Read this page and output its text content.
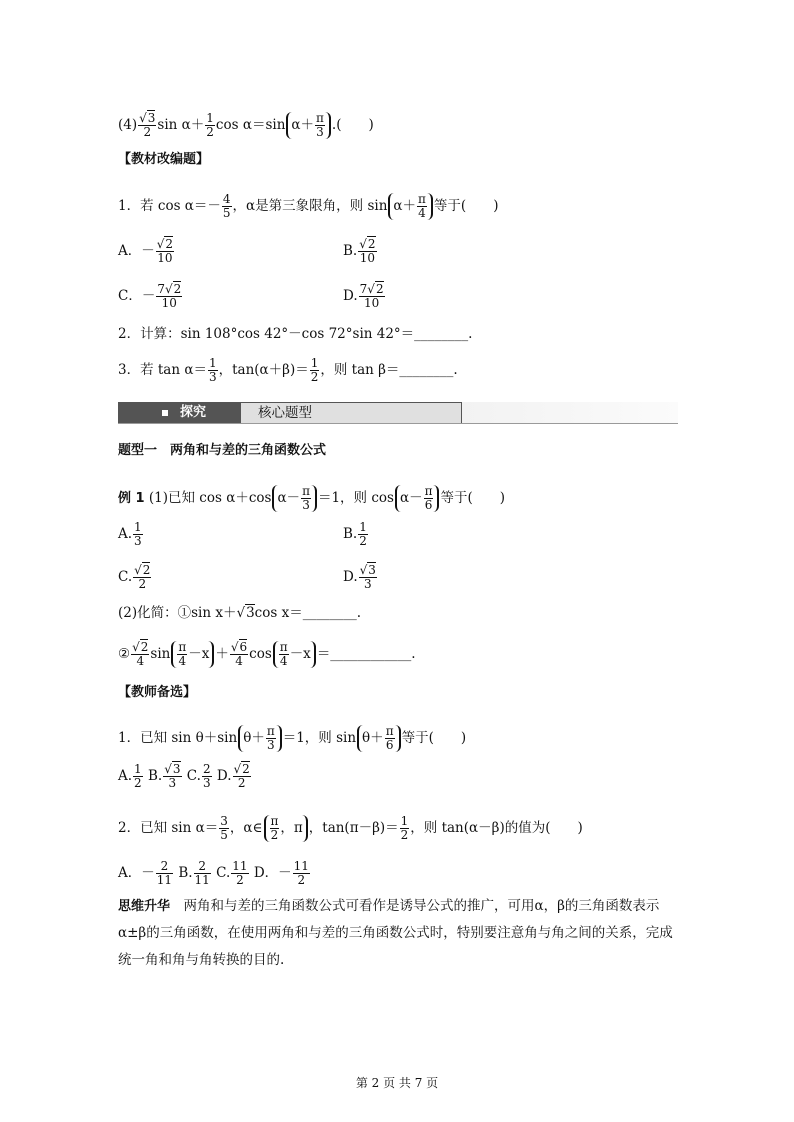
$(4) \frac{√3}{2}$ $\sin \alpha+ \frac{1}{2}$ cos α＝sin $\alpha+ \frac{\pi}{3}$ .(　　)
【教材改编题】
1．若 $\cos \alpha=- \frac{4}{5}$ ，α是第三象限角，则 $\sin \alpha+ \frac{\pi}{4}$ 等于(　　)
A．－ $\frac{√2}{10}$	B. $\frac{√2}{10}$
C．－ $\frac{7√2}{10}$	D. $\frac{7√2}{10}$
2．计算：sin 108°cos 42°－cos 72°sin 42°＝________.
3．若 $\tan \alpha= \frac{1}{3}$ ，$\tan(\alpha+\beta)= \frac{1}{2}$ ，则 tan β＝________.
探究	核心题型
题型一　两角和与差的三角函数公式
例 1 (1)已知 cos α＋cos $\alpha- \frac{\pi}{3} =1$，则 $\cos \alpha- \frac{\pi}{6}$ 等于(　　)
A. $\frac{1}{3}$	B. $\frac{1}{2}$
C. $\frac{√2}{2}$	D. $\frac{√3}{3}$
(2)化简：①sin x＋√3cos x＝________.
② $\frac{√2}{4}$ $\sin \frac{\pi}{4} -x + \frac{√6}{4}$ $\cos \frac{\pi}{4} -x$ ＝____________.
【教师备选】
1．已知 sin θ＋sin $\theta+ \frac{\pi}{3} =1$，则 $\sin \theta+ \frac{\pi}{6}$ 等于(　　)
A. $\frac{1}{2} B$. $\frac{√3}{3} C$. $\frac{2}{3} D$. $\frac{√2}{2}$
2．已知 $\sin \alpha= \frac{3}{5}$ ，α∈ $\frac{\pi}{2}$ ，π ，$\tan(\pi-\beta)= \frac{1}{2}$ ，则 tan(α－β)的值为(　　)
A．－ $\frac{2}{11} B$. $\frac{2}{11} C$. $\frac{11}{2}$ D．－ $\frac{11}{2}$
思维升华　 两角和与差的三角函数公式可看作是诱导公式的推广，可用α，β的三角函数表示α±β的三角函数，在使用两角和与差的三角函数公式时，特别要注意角与角之间的关系，完成统一角和角与角转换的目的.
第 2 页 共 7 页
